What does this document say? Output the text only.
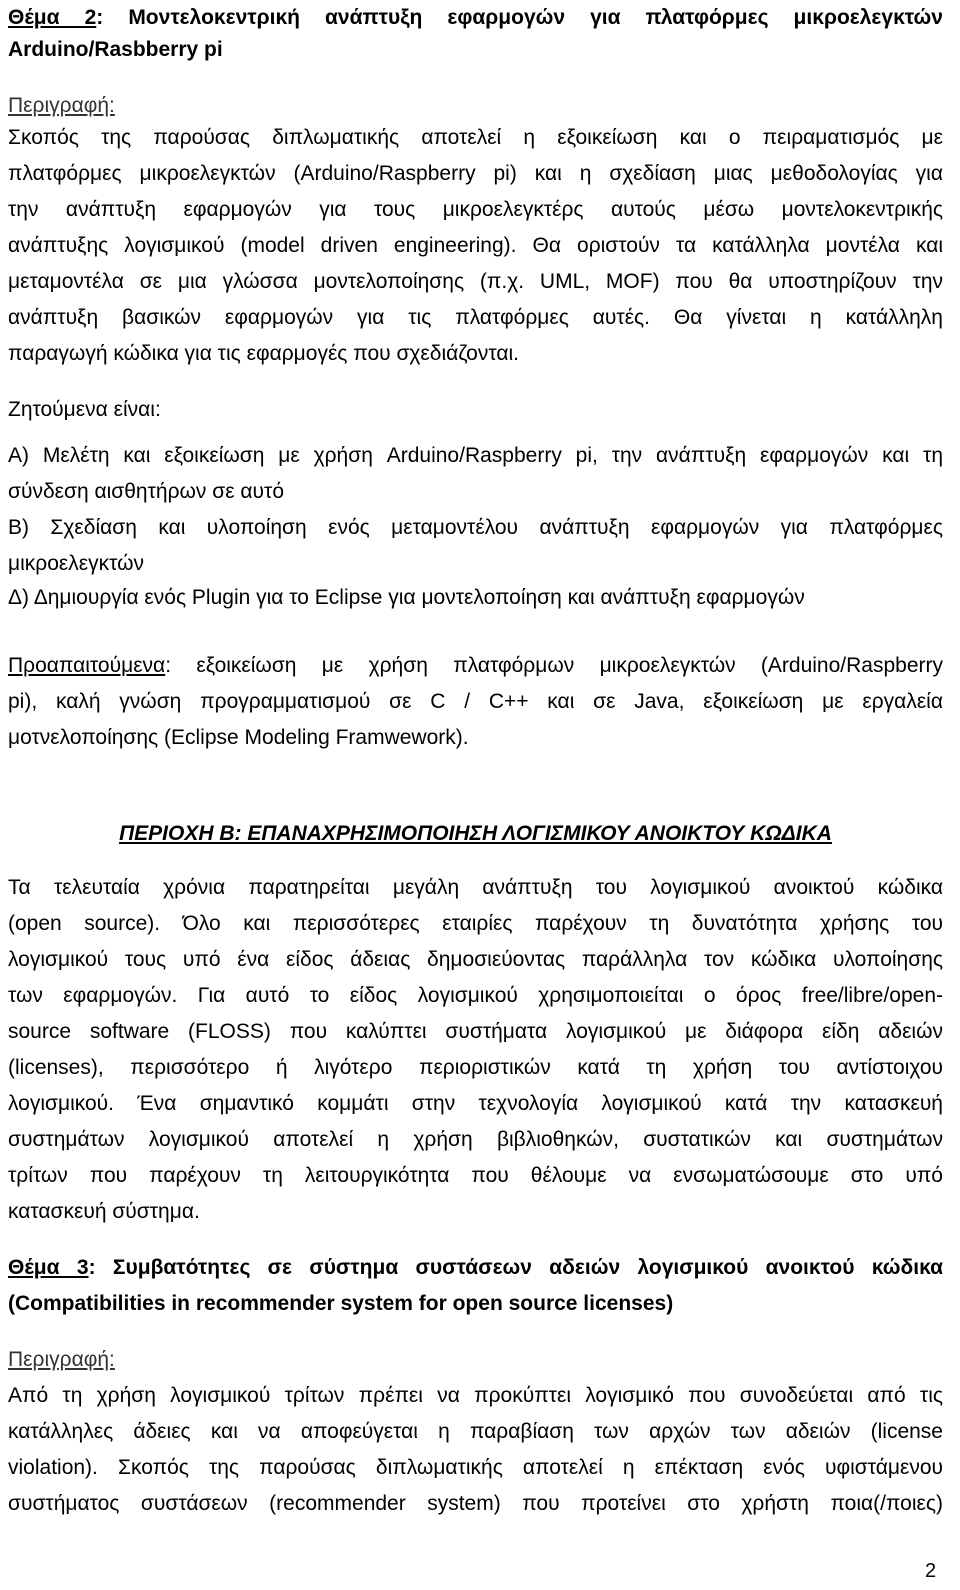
Θέμα 2: Μοντελοκεντρική ανάπτυξη εφαρμογών για πλατφόρμες μικροελεγκτών
Arduino/Rasbberry pi
Περιγραφή:
Σκοπός της παρούσας διπλωματικής αποτελεί η εξοικείωση και ο πειραματισμός με
πλατφόρμες μικροελεγκτών (Arduino/Raspberry pi) και η σχεδίαση μιας μεθοδολογίας για
την ανάπτυξη εφαρμογών για τους μικροελεγκτέρς αυτούς μέσω μοντελοκεντρικής
ανάπτυξης λογισμικού (model driven engineering). Θα οριστούν τα κατάλληλα μοντέλα και
μεταμοντέλα σε μια γλώσσα μοντελοποίησης (π.χ. UML, MOF) που θα υποστηρίζουν την
ανάπτυξη βασικών εφαρμογών για τις πλατφόρμες αυτές. Θα γίνεται η κατάλληλη
παραγωγή κώδικα για τις εφαρμογές που σχεδιάζονται.
Ζητούμενα είναι:
Α) Μελέτη και εξοικείωση με χρήση Arduino/Raspberry pi, την ανάπτυξη εφαρμογών και τη
σύνδεση αισθητήρων σε αυτό
Β) Σχεδίαση και υλοποίηση ενός μεταμοντέλου ανάπτυξη εφαρμογών για πλατφόρμες
μικροελεγκτών
Δ) Δημιουργία ενός Plugin για το Eclipse για μοντελοποίηση και ανάπτυξη εφαρμογών
Προαπαιτούμενα: εξοικείωση με χρήση πλατφόρμων μικροελεγκτών (Arduino/Raspberry
pi), καλή γνώση προγραμματισμού σε C / C++ και σε Java, εξοικείωση με εργαλεία
μοτνελοποίησης (Eclipse Modeling Framwework).
ΠΕΡΙΟΧΗ Β: ΕΠΑΝΑΧΡΗΣΙΜΟΠΟΙΗΣΗ ΛΟΓΙΣΜΙΚΟΥ ΑΝΟΙΚΤΟΥ ΚΩΔΙΚΑ
Τα τελευταία χρόνια παρατηρείται μεγάλη ανάπτυξη του λογισμικού ανοικτού κώδικα
(open source). Όλο και περισσότερες εταιρίες παρέχουν τη δυνατότητα χρήσης του
λογισμικού τους υπό ένα είδος άδειας δημοσιεύοντας παράλληλα τον κώδικα υλοποίησης
των εφαρμογών. Για αυτό το είδος λογισμικού χρησιμοποιείται ο όρος free/libre/open-
source software (FLOSS) που καλύπτει συστήματα λογισμικού με διάφορα είδη αδειών
(licenses), περισσότερο ή λιγότερο περιοριστικών κατά τη χρήση του αντίστοιχου
λογισμικού. Ένα σημαντικό κομμάτι στην τεχνολογία λογισμικού κατά την κατασκευή
συστημάτων λογισμικού αποτελεί η χρήση βιβλιοθηκών, συστατικών και συστημάτων
τρίτων που παρέχουν τη λειτουργικότητα που θέλουμε να ενσωματώσουμε στο υπό
κατασκευή σύστημα.
Θέμα 3: Συμβατότητες σε σύστημα συστάσεων αδειών λογισμικού ανοικτού κώδικα
(Compatibilities in recommender system for open source licenses)
Περιγραφή:
Από τη χρήση λογισμικού τρίτων πρέπει να προκύπτει λογισμικό που συνοδεύεται από τις
κατάλληλες άδειες και να αποφεύγεται η παραβίαση των αρχών των αδειών (license
violation). Σκοπός της παρούσας διπλωματικής αποτελεί η επέκταση ενός υφιστάμενου
συστήματος συστάσεων (recommender system) που προτείνει στο χρήστη ποια(/ποιες)
2
